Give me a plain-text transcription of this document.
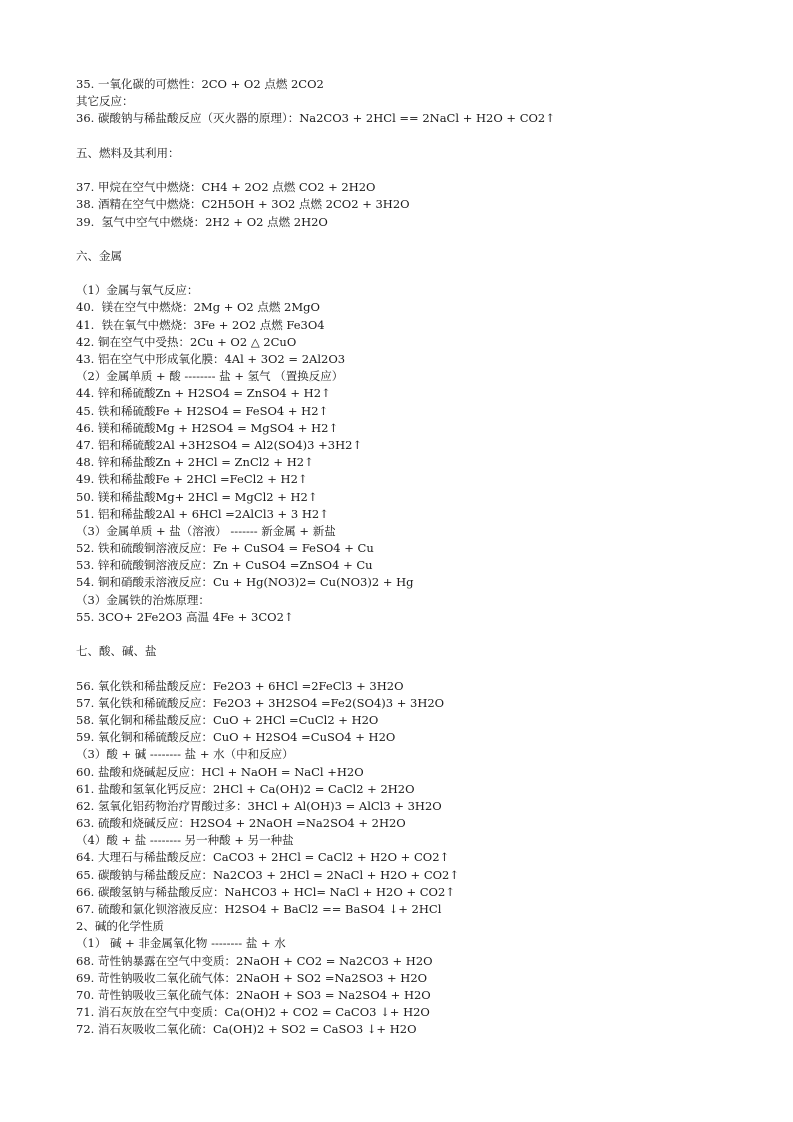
35. 一氧化碳的可燃性：2CO + O2 点燃 2CO2
其它反应：
36. 碳酸钠与稀盐酸反应（灭火器的原理）：Na2CO3 + 2HCl == 2NaCl + H2O + CO2↑
五、燃料及其利用：
37. 甲烷在空气中燃烧：CH4 + 2O2 点燃 CO2 + 2H2O
38. 酒精在空气中燃烧：C2H5OH + 3O2 点燃 2CO2 + 3H2O
39.  氢气中空气中燃烧：2H2 + O2 点燃 2H2O
六、金属
（1）金属与氧气反应：
40.  镁在空气中燃烧：2Mg + O2 点燃 2MgO
41.  铁在氧气中燃烧：3Fe + 2O2 点燃 Fe3O4
42. 铜在空气中受热：2Cu + O2 △ 2CuO
43. 铝在空气中形成氧化膜：4Al + 3O2 = 2Al2O3
（2）金属单质 + 酸 -------- 盐 + 氢气 （置换反应）
44. 锌和稀硫酸Zn + H2SO4 = ZnSO4 + H2↑
45. 铁和稀硫酸Fe + H2SO4 = FeSO4 + H2↑
46. 镁和稀硫酸Mg + H2SO4 = MgSO4 + H2↑
47. 铝和稀硫酸2Al +3H2SO4 = Al2(SO4)3 +3H2↑
48. 锌和稀盐酸Zn + 2HCl = ZnCl2 + H2↑
49. 铁和稀盐酸Fe + 2HCl =FeCl2 + H2↑
50. 镁和稀盐酸Mg+ 2HCl = MgCl2 + H2↑
51. 铝和稀盐酸2Al + 6HCl =2AlCl3 + 3 H2↑
（3）金属单质 + 盐（溶液） ------- 新金属 + 新盐
52. 铁和硫酸铜溶液反应：Fe + CuSO4 = FeSO4 + Cu
53. 锌和硫酸铜溶液反应：Zn + CuSO4 =ZnSO4 + Cu
54. 铜和硝酸汞溶液反应：Cu + Hg(NO3)2= Cu(NO3)2 + Hg
（3）金属铁的治炼原理：
55. 3CO+ 2Fe2O3 高温 4Fe + 3CO2↑
七、酸、碱、盐
56. 氧化铁和稀盐酸反应：Fe2O3 + 6HCl =2FeCl3 + 3H2O
57. 氧化铁和稀硫酸反应：Fe2O3 + 3H2SO4 =Fe2(SO4)3 + 3H2O
58. 氧化铜和稀盐酸反应：CuO + 2HCl =CuCl2 + H2O
59. 氧化铜和稀硫酸反应：CuO + H2SO4 =CuSO4 + H2O
（3）酸 + 碱 -------- 盐 + 水（中和反应）
60. 盐酸和烧碱起反应：HCl + NaOH = NaCl +H2O
61. 盐酸和氢氧化钙反应：2HCl + Ca(OH)2 = CaCl2 + 2H2O
62. 氢氧化铝药物治疗胃酸过多：3HCl + Al(OH)3 = AlCl3 + 3H2O
63. 硫酸和烧碱反应：H2SO4 + 2NaOH =Na2SO4 + 2H2O
（4）酸 + 盐 -------- 另一种酸 + 另一种盐
64. 大理石与稀盐酸反应：CaCO3 + 2HCl = CaCl2 + H2O + CO2↑
65. 碳酸钠与稀盐酸反应：Na2CO3 + 2HCl = 2NaCl + H2O + CO2↑
66. 碳酸氢钠与稀盐酸反应：NaHCO3 + HCl= NaCl + H2O + CO2↑
67. 硫酸和氯化钡溶液反应：H2SO4 + BaCl2 == BaSO4 ↓+ 2HCl
2、碱的化学性质
（1） 碱 + 非金属氧化物 -------- 盐 + 水
68. 苛性钠暴露在空气中变质：2NaOH + CO2 = Na2CO3 + H2O
69. 苛性钠吸收二氧化硫气体：2NaOH + SO2 =Na2SO3 + H2O
70. 苛性钠吸收三氧化硫气体：2NaOH + SO3 = Na2SO4 + H2O
71. 消石灰放在空气中变质：Ca(OH)2 + CO2 = CaCO3 ↓+ H2O
72. 消石灰吸收二氧化硫：Ca(OH)2 + SO2 = CaSO3 ↓+ H2O
